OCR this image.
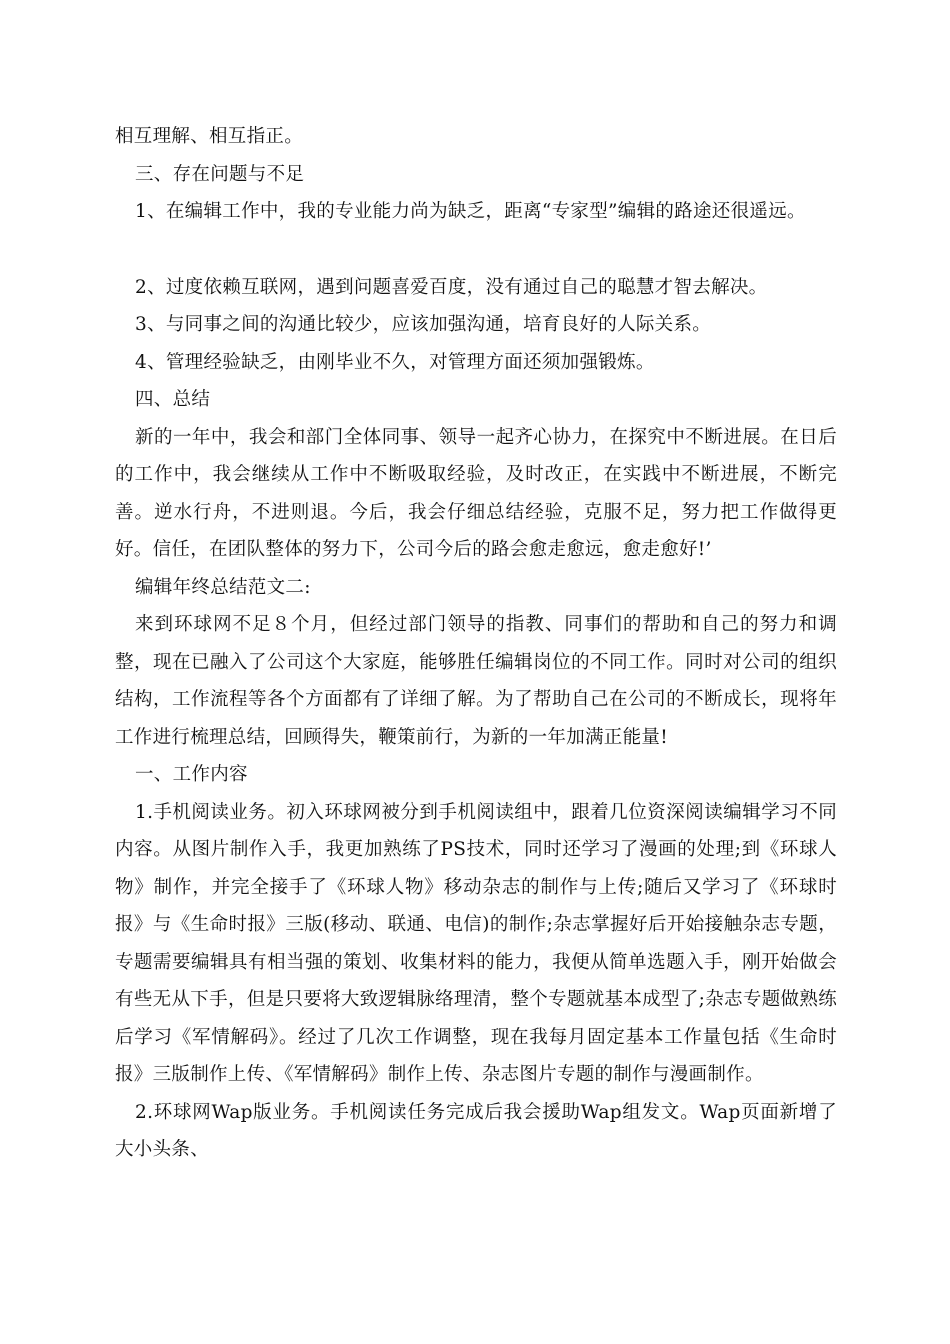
相互理解、相互指正。

三、存在问题与不足

1、在编辑工作中，我的专业能力尚为缺乏，距离“专家型”编辑的路途还很遥远。

2、过度依赖互联网，遇到问题喜爱百度，没有通过自己的聪慧才智去解决。

3、与同事之间的沟通比较少，应该加强沟通，培育良好的人际关系。

4、管理经验缺乏，由刚毕业不久，对管理方面还须加强锻炼。

四、总结

新的一年中，我会和部门全体同事、领导一起齐心协力，在探究中不断进展。在日后的工作中，我会继续从工作中不断吸取经验，及时改正，在实践中不断进展，不断完善。逆水行舟，不进则退。今后，我会仔细总结经验，克服不足，努力把工作做得更好。信任，在团队整体的努力下，公司今后的路会愈走愈远，愈走愈好!’

编辑年终总结范文二:

来到环球网不足８个月，但经过部门领导的指教、同事们的帮助和自己的努力和调整，现在已融入了公司这个大家庭，能够胜任编辑岗位的不同工作。同时对公司的组织结构，工作流程等各个方面都有了详细了解。为了帮助自己在公司的不断成长，现将年工作进行梳理总结，回顾得失，鞭策前行，为新的一年加满正能量!

一、工作内容

1.手机阅读业务。初入环球网被分到手机阅读组中，跟着几位资深阅读编辑学习不同内容。从图片制作入手，我更加熟练了PS技术，同时还学习了漫画的处理;到《环球人物》制作，并完全接手了《环球人物》移动杂志的制作与上传;随后又学习了《环球时报》与《生命时报》三版(移动、联通、电信)的制作;杂志掌握好后开始接触杂志专题，专题需要编辑具有相当强的策划、收集材料的能力，我便从简单选题入手，刚开始做会有些无从下手，但是只要将大致逻辑脉络理清，整个专题就基本成型了;杂志专题做熟练后学习《军情解码》。经过了几次工作调整，现在我每月固定基本工作量包括《生命时报》三版制作上传、《军情解码》制作上传、杂志图片专题的制作与漫画制作。

2.环球网Wap版业务。手机阅读任务完成后我会援助Wap组发文。Wap页面新增了大小头条、
